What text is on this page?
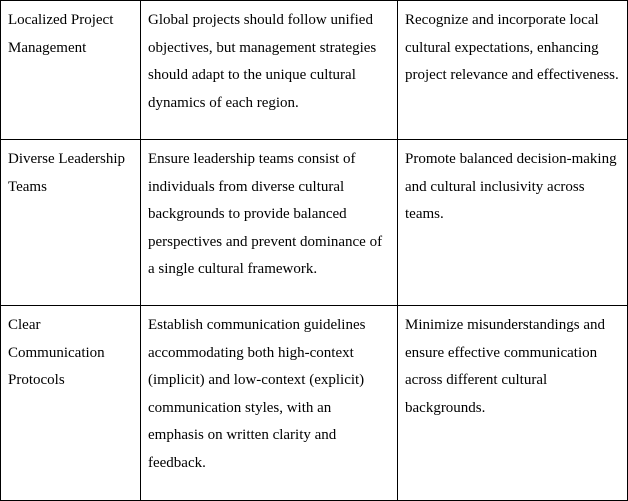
Localized Project Management	Global projects should follow unified objectives, but management strategies should adapt to the unique cultural dynamics of each region.	Recognize and incorporate local cultural expectations, enhancing project relevance and effectiveness.
Diverse Leadership Teams	Ensure leadership teams consist of individuals from diverse cultural backgrounds to provide balanced perspectives and prevent dominance of a single cultural framework.	Promote balanced decision-making and cultural inclusivity across teams.
Clear Communication Protocols	Establish communication guidelines accommodating both high-context (implicit) and low-context (explicit) communication styles, with an emphasis on written clarity and feedback.	Minimize misunderstandings and ensure effective communication across different cultural backgrounds.
